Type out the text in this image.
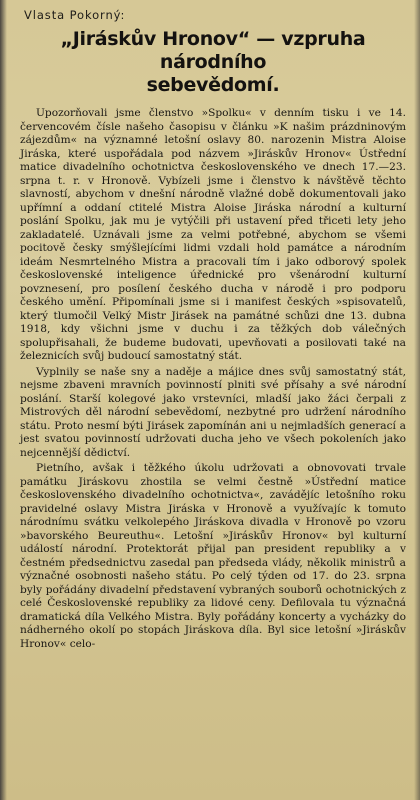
Vlasta Pokorný:
„Jiráskův Hronov“ — vzpruha národního
sebevědomí.

Upozorňovali jsme členstvo »Spolku« v denním tisku i ve 14. červencovém čísle našeho časopisu v článku »K našim prázdninovým zájezdům« na významné letošní oslavy 80. narozenin Mistra Aloise Jiráska, které uspořádala pod názvem »Jiráskův Hronov« Ústřední matice divadelního ochotnictva československého ve dnech 17.—23. srpna t. r. v Hronově. Vybízeli jsme i členstvo k návštěvě těchto slavností, abychom v dnešní národně vlažné době dokumentovali jako upřímní a oddaní ctitelé Mistra Aloise Jiráska národní a kulturní poslání Spolku, jak mu je vytýčili při ustavení před třiceti lety jeho zakladatelé. Uznávali jsme za velmi potřebné, abychom se všemi pocitově česky smýšlejícími lidmi vzdali hold památce a národním ideám Nesmrtelného Mistra a pracovali tím i jako odborový spolek československé inteligence úřednické pro všenárodní kulturní povznesení, pro posílení českého ducha v národě i pro podporu českého umění. Připomínali jsme si i manifest českých »spisovatelů, který tlumočil Velký Mistr Jirásek na památné schůzi dne 13. dubna 1918, kdy všichni jsme v duchu i za těžkých dob válečných spolupřisahali, že budeme budovati, upevňovati a posilovati také na železnicích svůj budoucí samostatný stát.

Vyplnily se naše sny a naděje a májice dnes svůj samostatný stát, nejsme zbaveni mravních povinností plniti své přísahy a své národní poslání. Starší kolegové jako vrstevníci, mladší jako žáci čerpali z Mistrových děl národní sebevědomí, nezbytné pro udržení národního státu. Proto nesmí býti Jirásek zapomínán ani u nejmladších generací a jest svatou povinností udržovati ducha jeho ve všech pokoleních jako nejcennější dědictví.

Pietního, avšak i těžkého úkolu udržovati a obnovovati trvale památku Jiráskovu zhostila se velmi čestně »Ústřední matice československého divadelního ochotnictva«, zavádějíc letošního roku pravidelné oslavy Mistra Jiráska v Hronově a využívajíc k tomuto národnímu svátku velkolepého Jiráskova divadla v Hronově po vzoru »bavorského Beureuthu«. Letošní »Jiráskův Hronov« byl kulturní událostí národní. Protektorát přijal pan president republiky a v čestném předsednictvu zasedal pan předseda vlády, několik ministrů a význačné osobnosti našeho státu. Po celý týden od 17. do 23. srpna byly pořádány divadelní představení vybraných souborů ochotnických z celé Československé republiky za lidové ceny. Defilovala tu význačná dramatická díla Velkého Mistra. Byly pořádány koncerty a vycházky do nádherného okolí po stopách Jiráskova díla. Byl sice letošní »Jiráskův Hronov« celo-
